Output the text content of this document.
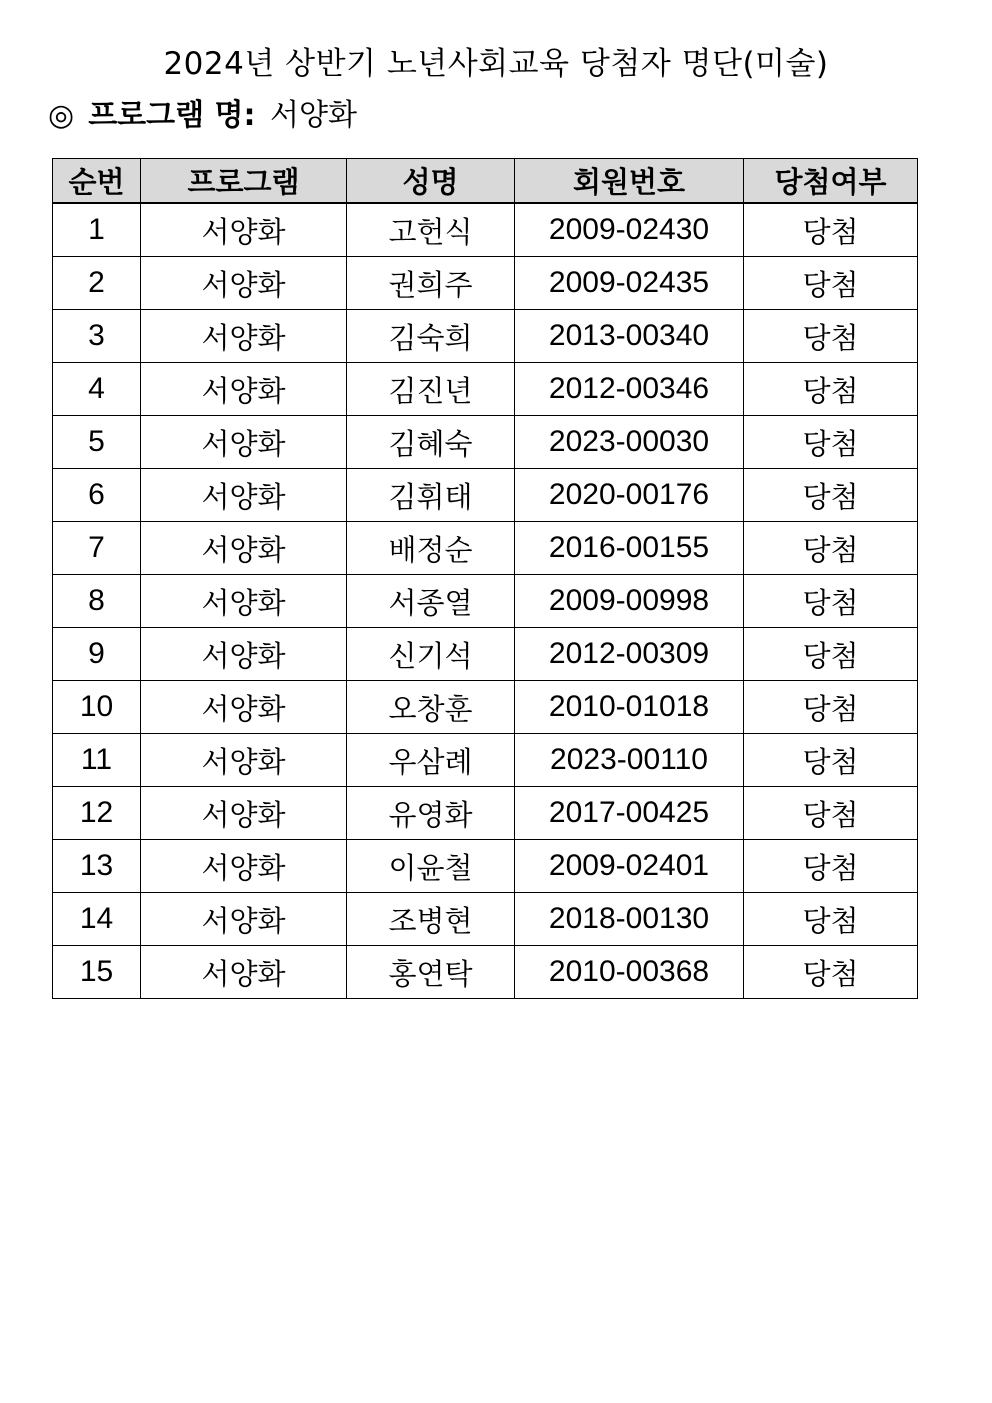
2024년 상반기 노년사회교육 당첨자 명단(미술)
◎ 프로그램 명: 서양화
순번	프로그램	성명	회원번호	당첨여부
1	서양화	고헌식	2009-02430	당첨
2	서양화	권희주	2009-02435	당첨
3	서양화	김숙희	2013-00340	당첨
4	서양화	김진년	2012-00346	당첨
5	서양화	김혜숙	2023-00030	당첨
6	서양화	김휘태	2020-00176	당첨
7	서양화	배정순	2016-00155	당첨
8	서양화	서종열	2009-00998	당첨
9	서양화	신기석	2012-00309	당첨
10	서양화	오창훈	2010-01018	당첨
11	서양화	우삼례	2023-00110	당첨
12	서양화	유영화	2017-00425	당첨
13	서양화	이윤철	2009-02401	당첨
14	서양화	조병현	2018-00130	당첨
15	서양화	홍연탁	2010-00368	당첨
